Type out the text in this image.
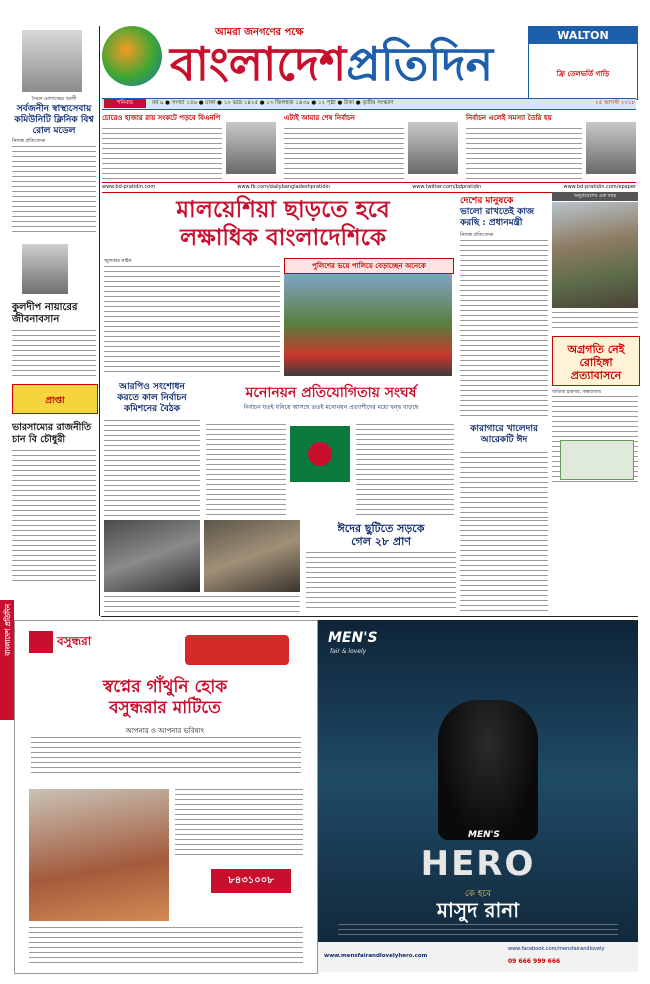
সৈয়দ মোদাচ্ছের আলী
সর্বজনীন স্বাস্থ্যসেবায় কমিউনিটি ক্লিনিক বিশ্ব রোল মডেল
নিজস্ব প্রতিবেদক
কুলদীপ নায়ারের জীবনাবসান
প্রাপ্তা
ভারসাম্যের রাজনীতি চান বি চৌধুরী
বাংলাদেশ প্রতিদিন
আমরা জনগণের পক্ষে
বাংলাদেশপ্রতিদিন
WALTON
ফ্রি তেলভর্তি গাড়ি
শনিবার	বর্ষ ৯ ● সংখ্যা ১৫৬ ● ঢাকা ● ১০ ভাদ্র ১৪২৫ ● ১৩ জিলহজ ১৪৩৯ ● ১২ পৃষ্ঠা ● টাকা ● তৃতীয় সংস্করণ	২৫ আগস্ট ২০১৮
চোরেও হাজার রায় সংকটে পড়বে বিএনপি	এটাই আমার শেষ নির্বাচন	নির্বাচন এলেই সমস্যা তৈরি হয়
www.bd-pratidin.com	www.fb.com/dailybangladeshpratidin	www.twitter.com/bdpratidin	www.bd-pratidin.com/epaper
মালয়েশিয়া ছাড়তে হবে
লক্ষাধিক বাংলাদেশিকে
জুলকার নাইন
পুলিশের ভয়ে পালিয়ে বেড়াচ্ছেন অনেকে
দেশের মানুষকে
ভালো রাখতেই কাজ
করছি : প্রধানমন্ত্রী
নিজস্ব প্রতিবেদক
অনুপ্রবেশের এক বছর
অগ্রগতি নেই রোহিঙ্গা
প্রত্যাবাসনে
আয়াজ হায়দার, কক্সবাজার
আরপিও সংশোধন
করতে কাল নির্বাচন
কমিশনের বৈঠক
মনোনয়ন প্রতিযোগিতায় সংঘর্ষ
নির্বাচন যতই ঘনিয়ে আসছে ততই মনোনয়ন প্রত্যাশীদের মধ্যে দ্বন্দ্ব বাড়ছে
কারাগারে খালেদার
আরেকটি ঈদ
ঈদের ছুটিতে সড়কে
গেল ২৮ প্রাণ
বসুন্ধরা
স্বপ্নের গাঁথুনি হোক
বসুন্ধরার মাটিতে
আপনার ও আপনার ভবিষ্যৎ
৮৪৩১০০৮
MEN'S
fair & lovely
MEN'S
HERO
কে হবে
মাসুদ রানা
www.mensfairandlovelyhero.com
www.facebook.com/mensfairandlovely
09 666 999 666
